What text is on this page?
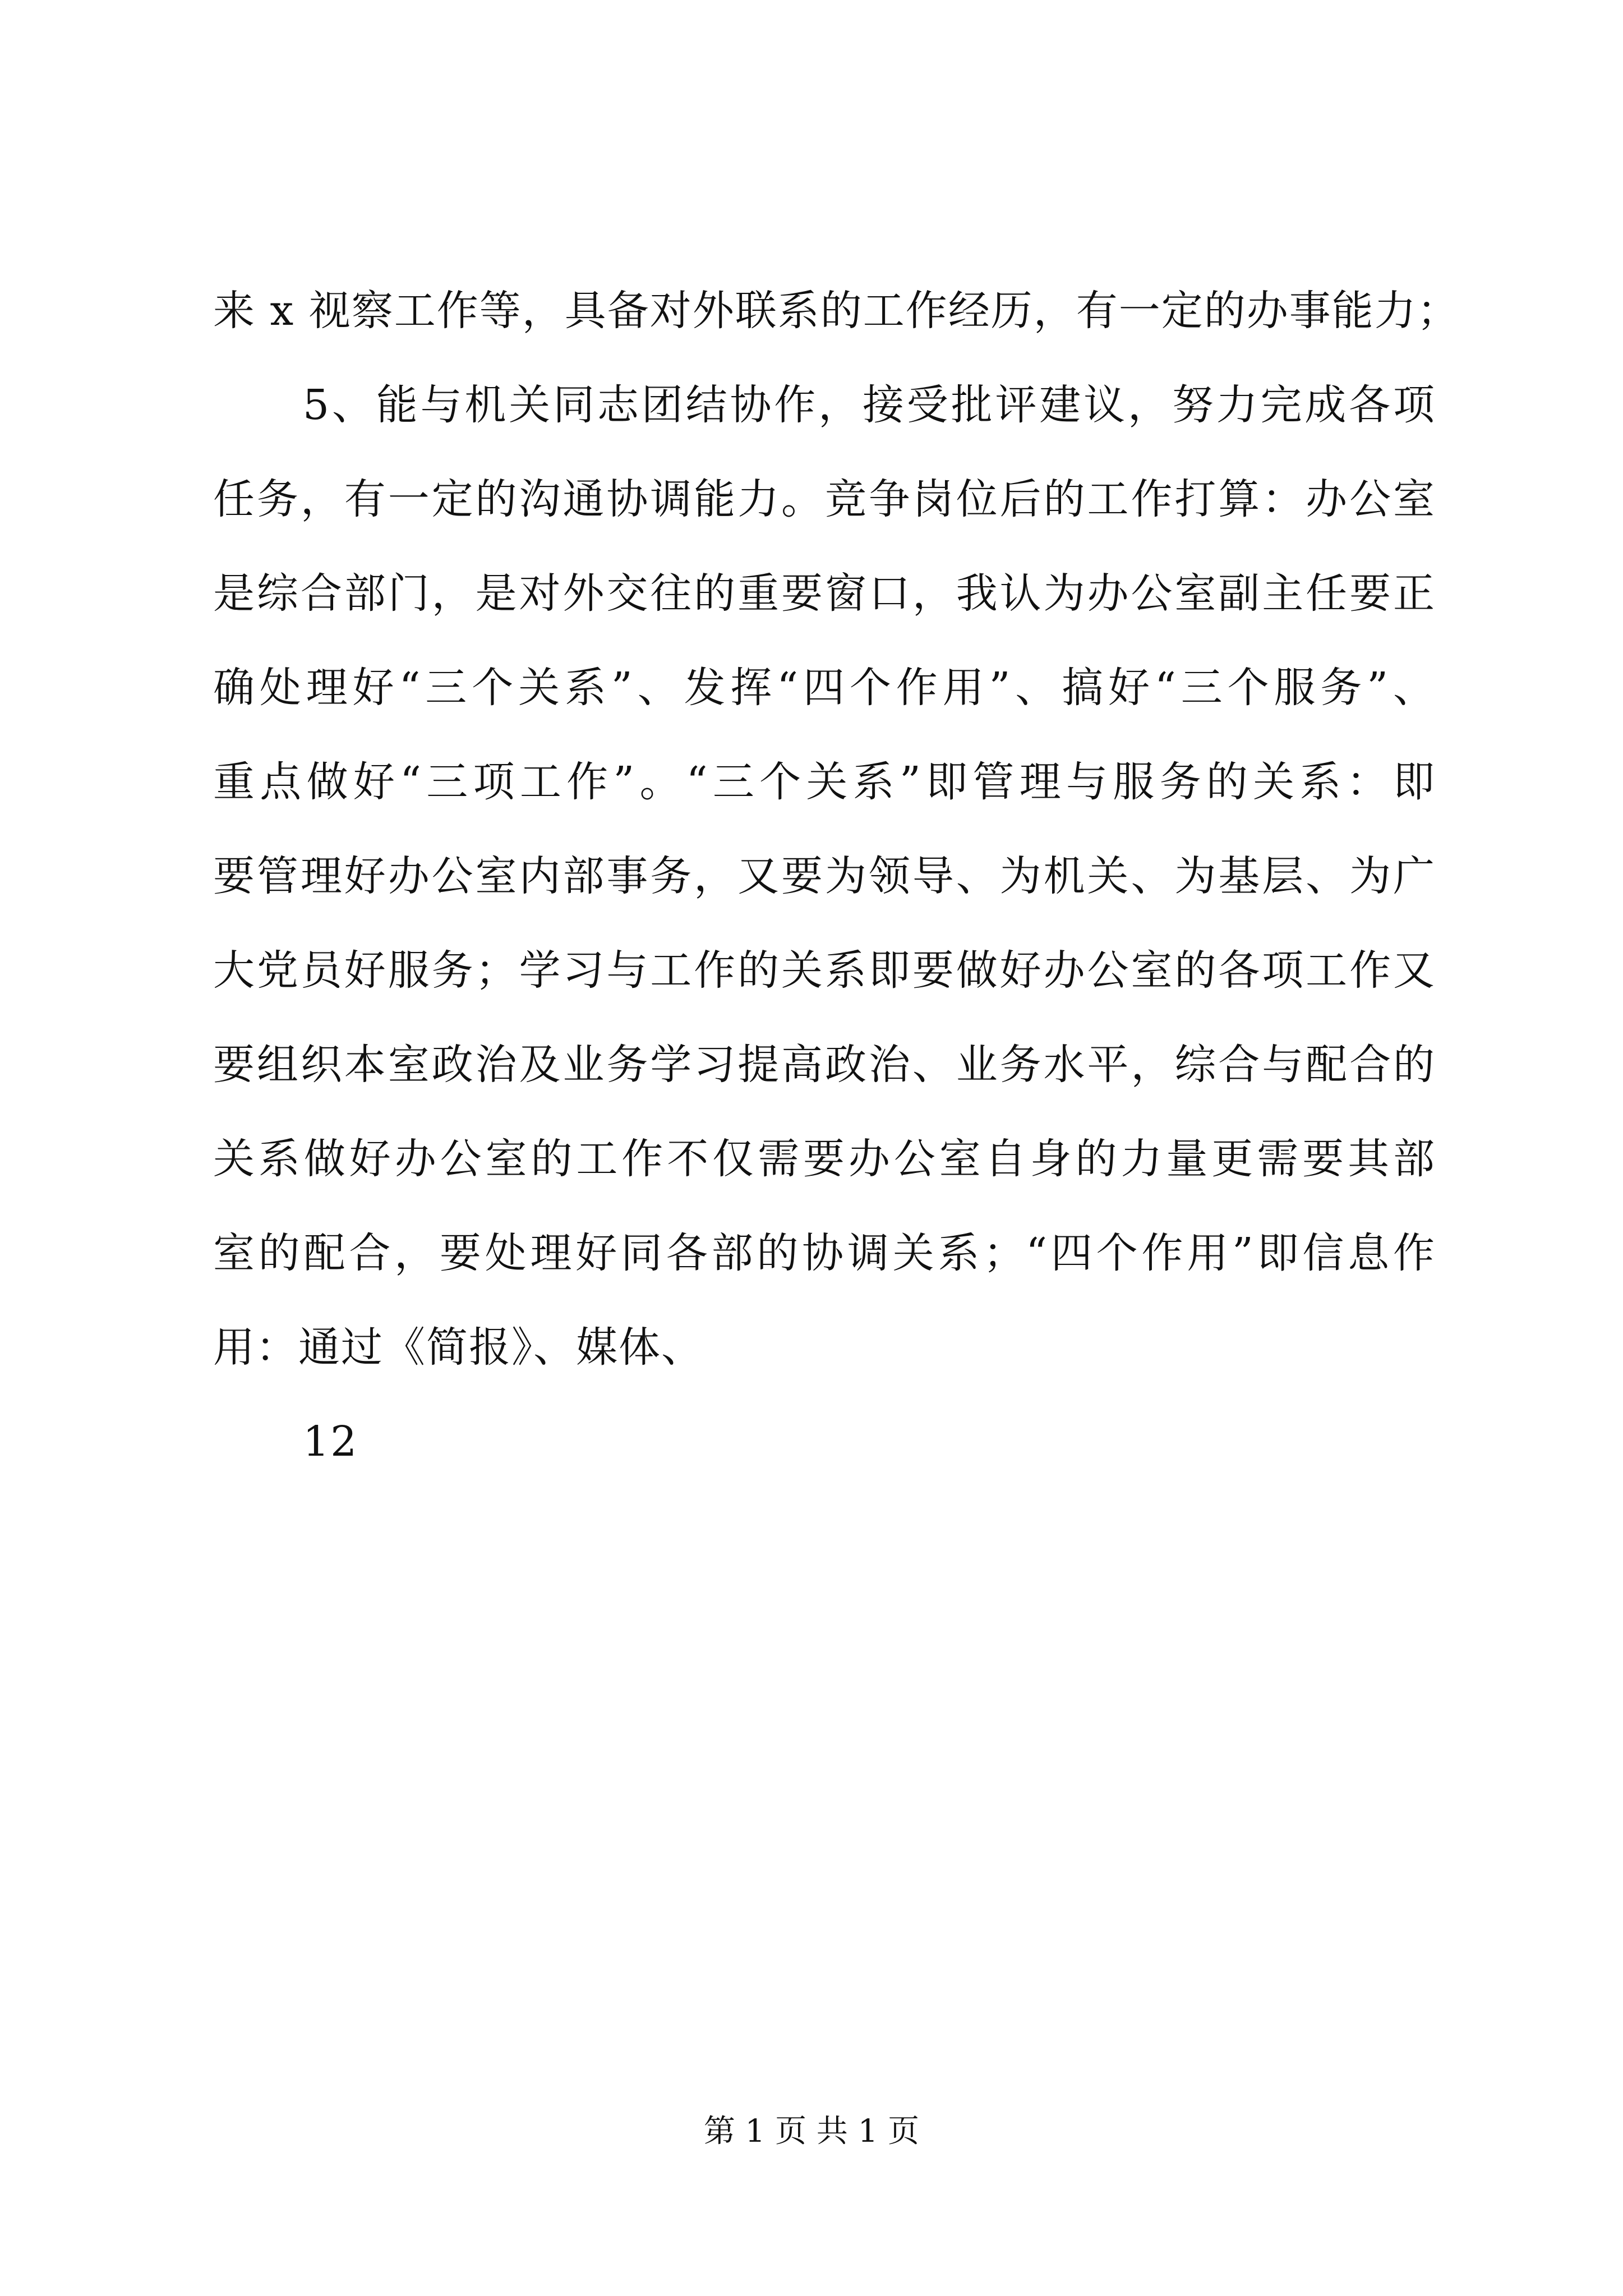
来 x 视察工作等，具备对外联系的工作经历，有一定的办事能力；
5、能与机关同志团结协作，接受批评建议，努力完成各项
任务，有一定的沟通协调能力。竞争岗位后的工作打算：办公室
是综合部门，是对外交往的重要窗口，我认为办公室副主任要正
确处理好“三个关系”、发挥“四个作用”、搞好“三个服务”、
重点做好“三项工作”。“三个关系”即管理与服务的关系：即
要管理好办公室内部事务，又要为领导、为机关、为基层、为广
大党员好服务；学习与工作的关系即要做好办公室的各项工作又
要组织本室政治及业务学习提高政治、业务水平，综合与配合的
关系做好办公室的工作不仅需要办公室自身的力量更需要其部
室的配合，要处理好同各部的协调关系；“四个作用”即信息作
用：通过《简报》、媒体、
12
第 1 页 共 1 页
